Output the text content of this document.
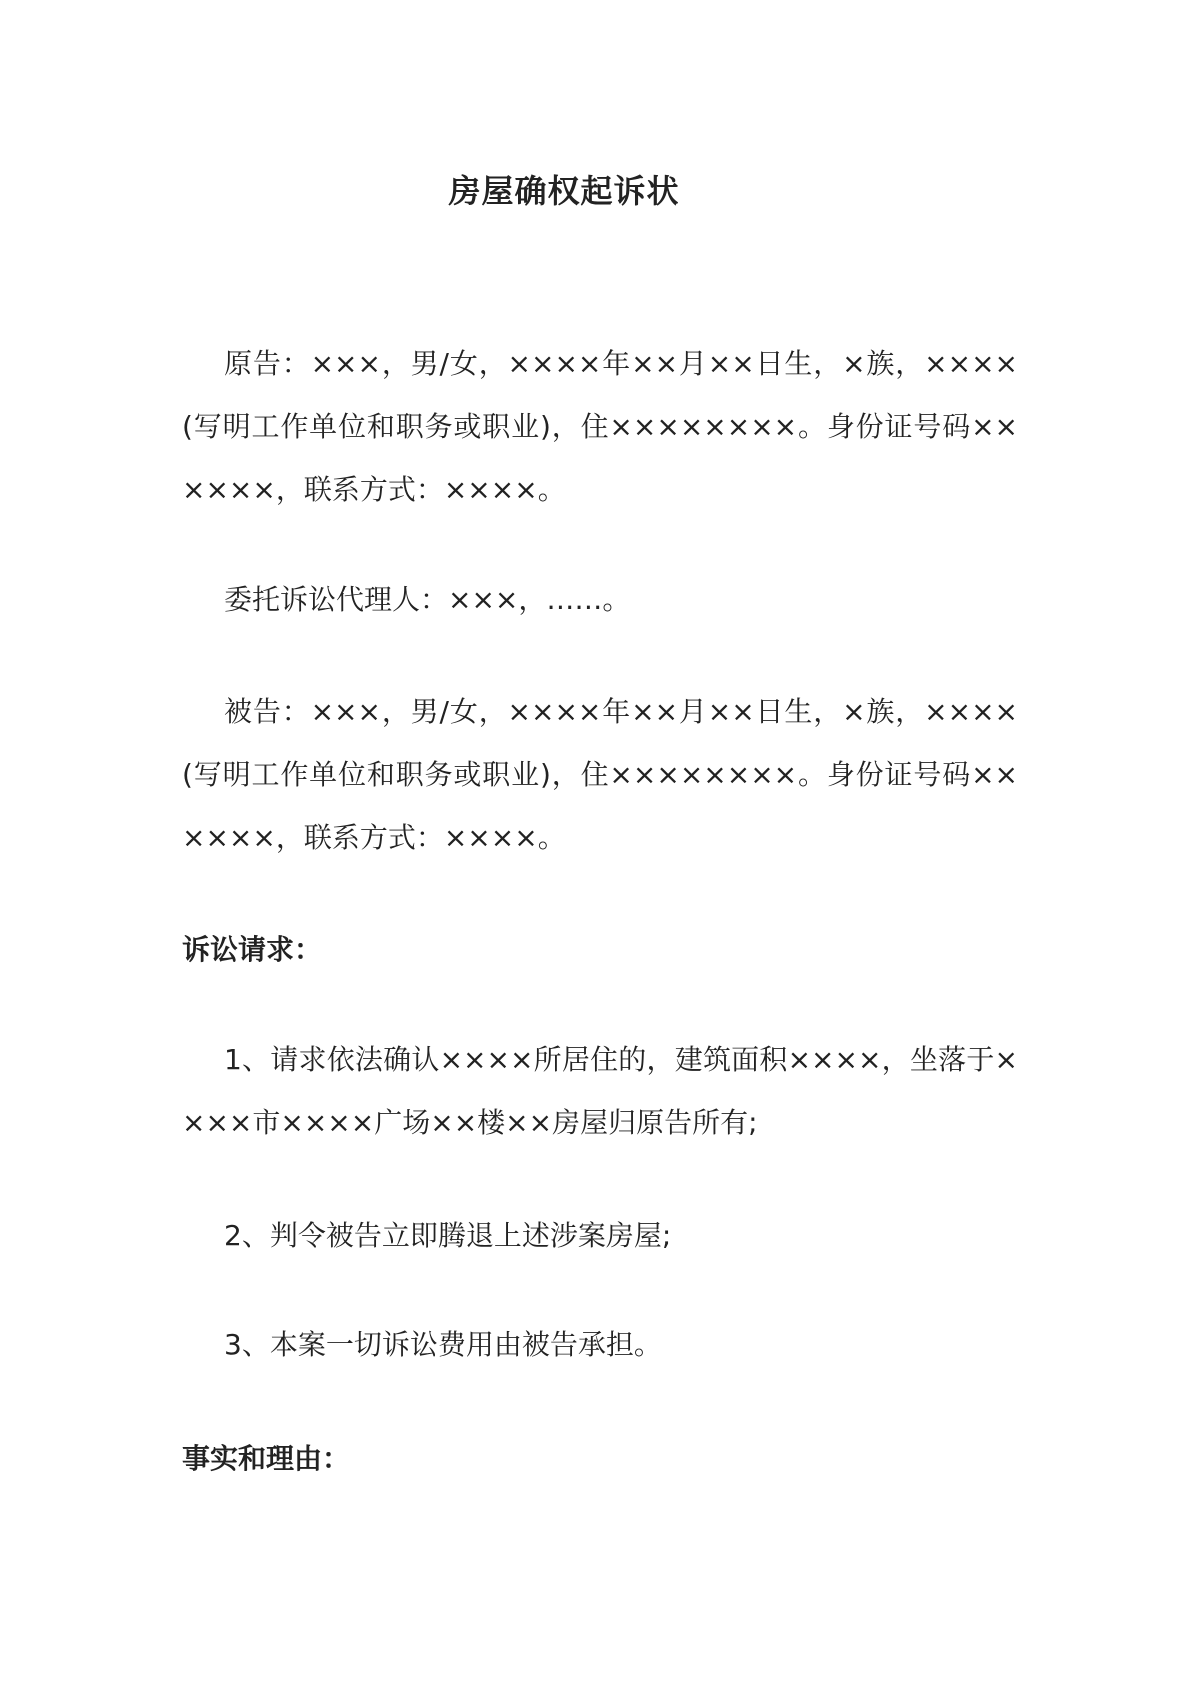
房屋确权起诉状

原告：×××，男/女，××××年××月××日生，×族，××××(写明工作单位和职务或职业)，住××××××××。身份证号码××××××，联系方式：××××。

委托诉讼代理人：×××，……。

被告：×××，男/女，××××年××月××日生，×族，××××(写明工作单位和职务或职业)，住××××××××。身份证号码××××××，联系方式：××××。

诉讼请求：

1、请求依法确认××××所居住的，建筑面积××××，坐落于××××市××××广场××楼××房屋归原告所有;

2、判令被告立即腾退上述涉案房屋;

3、本案一切诉讼费用由被告承担。

事实和理由：
